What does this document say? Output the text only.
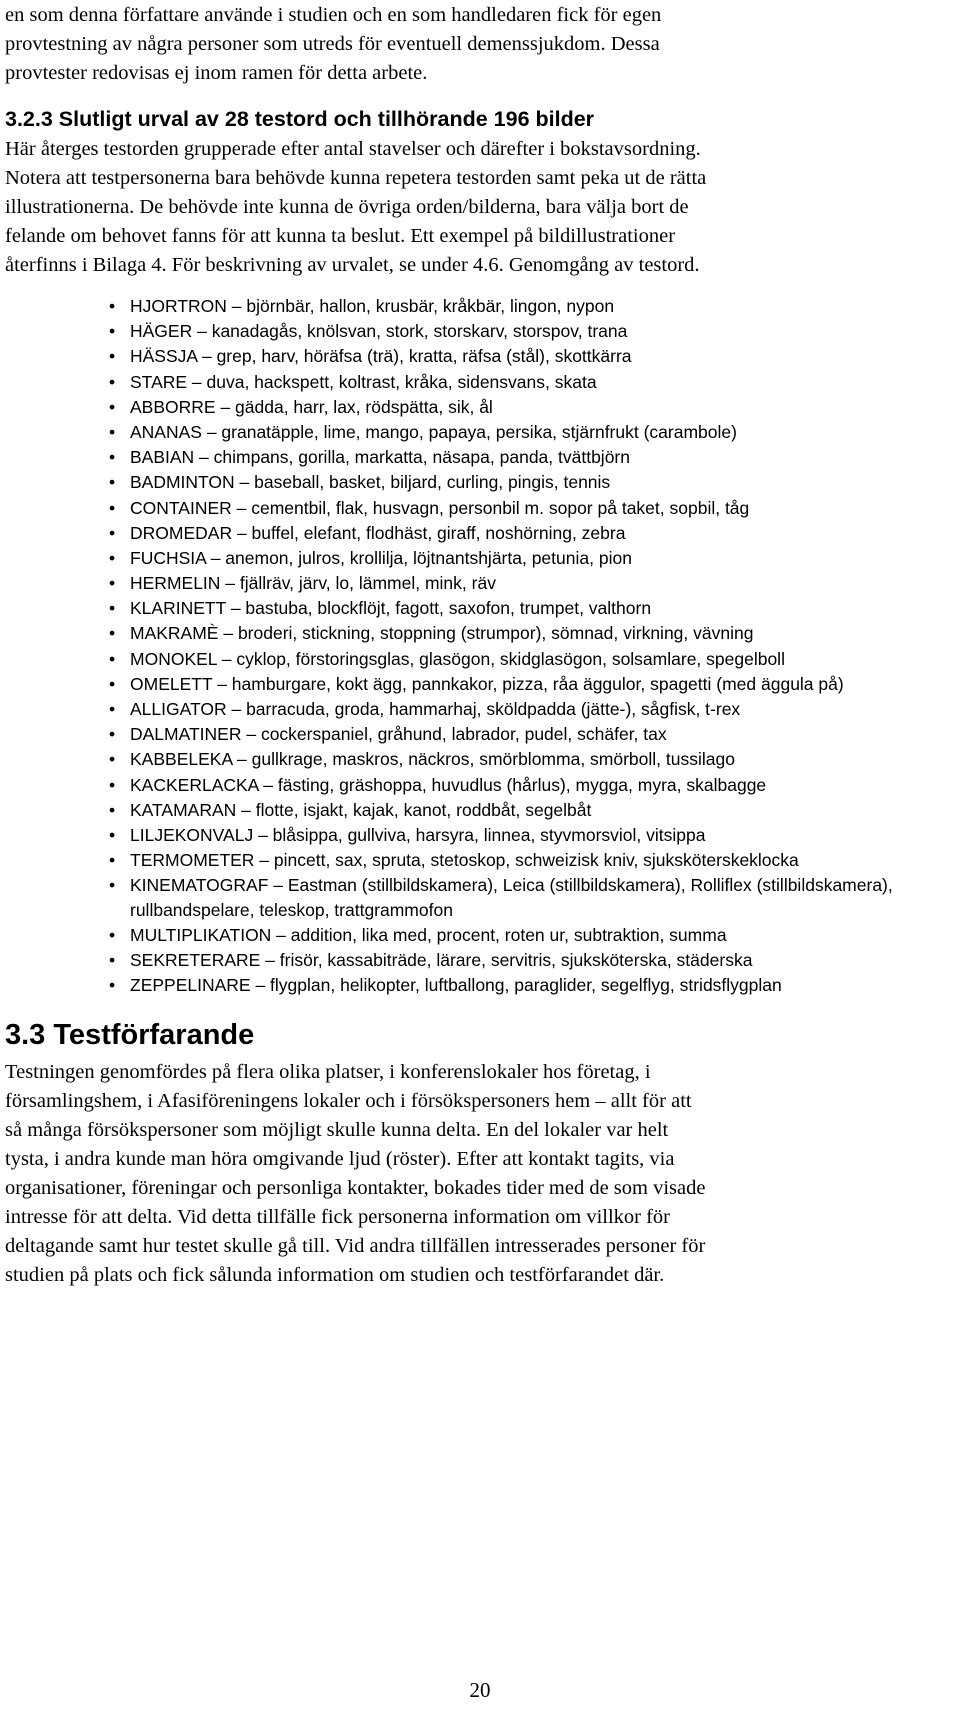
en som denna författare använde i studien och en som handledaren fick för egen
provtestning av några personer som utreds för eventuell demenssjukdom. Dessa
provtester redovisas ej inom ramen för detta arbete.
3.2.3 Slutligt urval av 28 testord och tillhörande 196 bilder
Här återges testorden grupperade efter antal stavelser och därefter i bokstavsordning.
Notera att testpersonerna bara behövde kunna repetera testorden samt peka ut de rätta
illustrationerna. De behövde inte kunna de övriga orden/bilderna, bara välja bort de
felande om behovet fanns för att kunna ta beslut. Ett exempel på bildillustrationer
återfinns i Bilaga 4. För beskrivning av urvalet, se under 4.6. Genomgång av testord.
• HJORTRON – björnbär, hallon, krusbär, kråkbär, lingon, nypon
• HÄGER – kanadagås, knölsvan, stork, storskarv, storspov, trana
• HÄSSJA – grep, harv, höräfsa (trä), kratta, räfsa (stål), skottkärra
• STARE – duva, hackspett, koltrast, kråka, sidensvans, skata
• ABBORRE – gädda, harr, lax, rödspätta, sik, ål
• ANANAS – granatäpple, lime, mango, papaya, persika, stjärnfrukt (carambole)
• BABIAN – chimpans, gorilla, markatta, näsapa, panda, tvättbjörn
• BADMINTON – baseball, basket, biljard, curling, pingis, tennis
• CONTAINER – cementbil, flak, husvagn, personbil m. sopor på taket, sopbil, tåg
• DROMEDAR – buffel, elefant, flodhäst, giraff, noshörning, zebra
• FUCHSIA – anemon, julros, krollilja, löjtnantshjärta, petunia, pion
• HERMELIN – fjällräv, järv, lo, lämmel, mink, räv
• KLARINETT – bastuba, blockflöjt, fagott, saxofon, trumpet, valthorn
• MAKRAMÈ – broderi, stickning, stoppning (strumpor), sömnad, virkning, vävning
• MONOKEL – cyklop, förstoringsglas, glasögon, skidglasögon, solsamlare, spegelboll
• OMELETT – hamburgare, kokt ägg, pannkakor, pizza, råa äggulor, spagetti (med äggula på)
• ALLIGATOR – barracuda, groda, hammarhaj, sköldpadda (jätte-), sågfisk, t-rex
• DALMATINER – cockerspaniel, gråhund, labrador, pudel, schäfer, tax
• KABBELEKA – gullkrage, maskros, näckros, smörblomma, smörboll, tussilago
• KACKERLACKA – fästing, gräshoppa, huvudlus (hårlus), mygga, myra, skalbagge
• KATAMARAN – flotte, isjakt, kajak, kanot, roddbåt, segelbåt
• LILJEKONVALJ – blåsippa, gullviva, harsyra, linnea, styvmorsviol, vitsippa
• TERMOMETER – pincett, sax, spruta, stetoskop, schweizisk kniv, sjuksköterskeklocka
• KINEMATOGRAF – Eastman (stillbildskamera), Leica (stillbildskamera), Rolliflex (stillbildskamera), rullbandspelare, teleskop, trattgrammofon
• MULTIPLIKATION – addition, lika med, procent, roten ur, subtraktion, summa
• SEKRETERARE – frisör, kassabiträde, lärare, servitris, sjuksköterska, städerska
• ZEPPELINARE – flygplan, helikopter, luftballong, paraglider, segelflyg, stridsflygplan
3.3 Testförfarande
Testningen genomfördes på flera olika platser, i konferenslokaler hos företag, i
församlingshem, i Afasiföreningens lokaler och i försökspersoners hem – allt för att
så många försökspersoner som möjligt skulle kunna delta. En del lokaler var helt
tysta, i andra kunde man höra omgivande ljud (röster). Efter att kontakt tagits, via
organisationer, föreningar och personliga kontakter, bokades tider med de som visade
intresse för att delta. Vid detta tillfälle fick personerna information om villkor för
deltagande samt hur testet skulle gå till. Vid andra tillfällen intresserades personer för
studien på plats och fick sålunda information om studien och testförfarandet där.
20
